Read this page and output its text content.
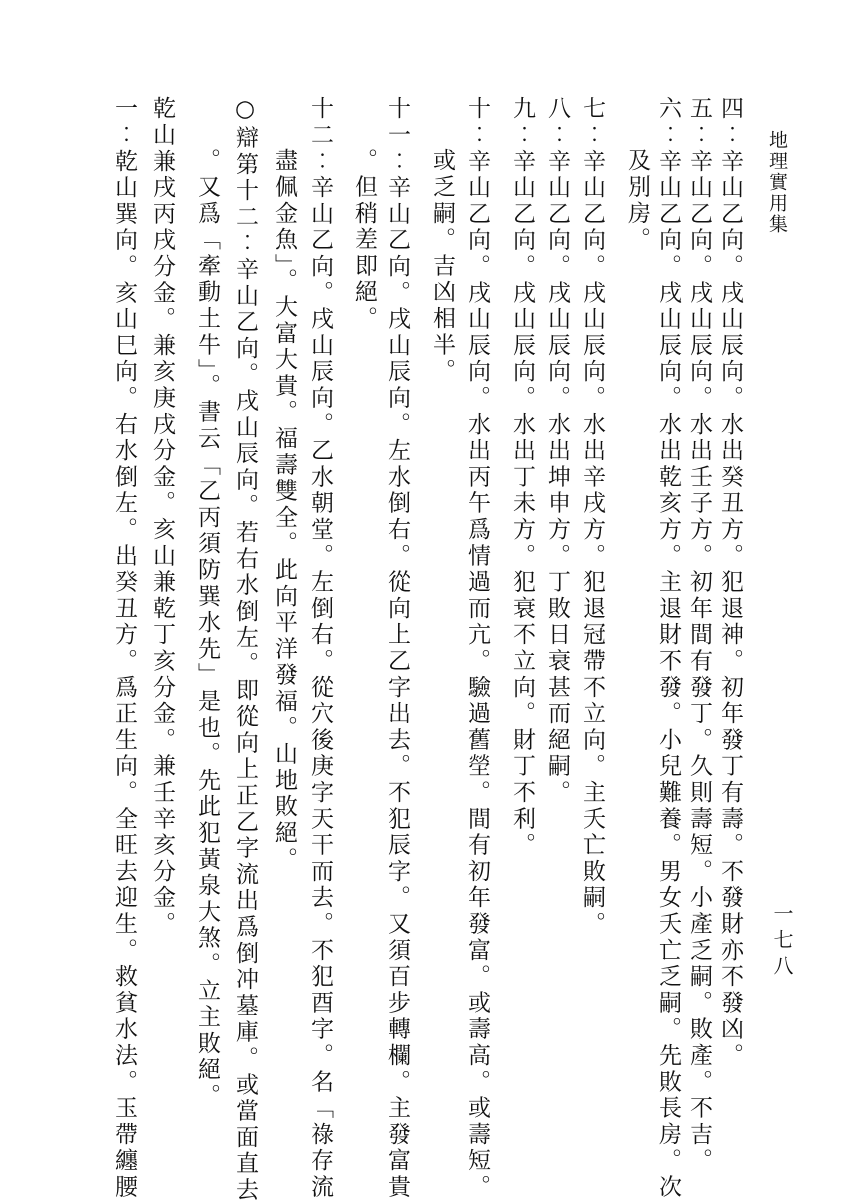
地理實用集
一七八
四︰辛山乙向。戌山辰向。水出癸丑方。犯退神。初年發丁有壽。不發財亦不發凶。
五︰辛山乙向。戌山辰向。水出壬子方。初年間有發丁。久則壽短。小產乏嗣。敗產。不吉。
六︰辛山乙向。戌山辰向。水出乾亥方。主退財不發。小兒難養。男女夭亡乏嗣。先敗長房。次
及別房。
七︰辛山乙向。戌山辰向。水出辛戌方。犯退冠帶不立向。主夭亡敗嗣。
八︰辛山乙向。戌山辰向。水出坤申方。丁敗日衰甚而絕嗣。
九︰辛山乙向。戌山辰向。水出丁未方。犯衰不立向。財丁不利。
十︰辛山乙向。戌山辰向。水出丙午爲情過而亢。驗過舊塋。間有初年發富。或壽高。或壽短。
或乏嗣。吉凶相半。
十一︰辛山乙向。戌山辰向。左水倒右。從向上乙字出去。不犯辰字。又須百步轉欄。主發富貴
。但稍差即絕。
十二︰辛山乙向。戌山辰向。乙水朝堂。左倒右。從穴後庚字天干而去。不犯酉字。名「祿存流
盡佩金魚」。大富大貴。福壽雙全。此向平洋發福。山地敗絕。
○辯第十二︰辛山乙向。戌山辰向。若右水倒左。即從向上正乙字流出爲倒冲墓庫。或當面直去
。又爲「牽動土牛」。書云「乙丙須防巽水先」是也。先此犯黃泉大煞。立主敗絕。
乾山兼戌丙戌分金。兼亥庚戌分金。亥山兼乾丁亥分金。兼壬辛亥分金。
一︰乾山巽向。亥山巳向。右水倒左。出癸丑方。爲正生向。全旺去迎生。救貧水法。玉帶纏腰
